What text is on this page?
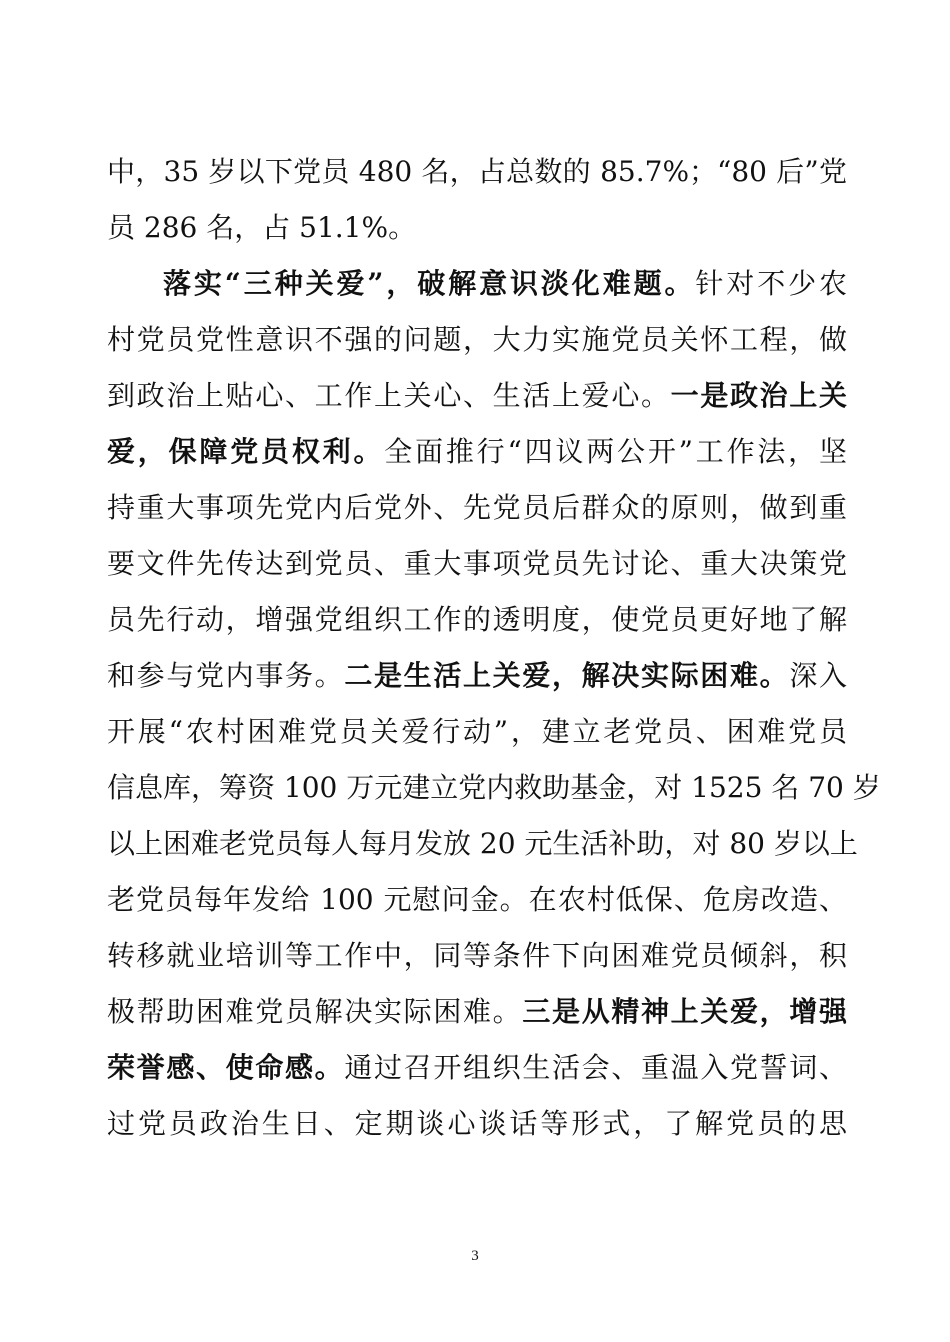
中，35 岁以下党员 480 名，占总数的 85.7%；“80 后”党
员 286 名，占 51.1%。
落实“三种关爱”，破解意识淡化难题。针对不少农
村党员党性意识不强的问题，大力实施党员关怀工程，做
到政治上贴心、工作上关心、生活上爱心。一是政治上关
爱，保障党员权利。全面推行“四议两公开”工作法，坚
持重大事项先党内后党外、先党员后群众的原则，做到重
要文件先传达到党员、重大事项党员先讨论、重大决策党
员先行动，增强党组织工作的透明度，使党员更好地了解
和参与党内事务。二是生活上关爱，解决实际困难。深入
开展“农村困难党员关爱行动”，建立老党员、困难党员
信息库，筹资 100 万元建立党内救助基金，对 1525 名 70 岁
以上困难老党员每人每月发放 20 元生活补助，对 80 岁以上
老党员每年发给 100 元慰问金。在农村低保、危房改造、
转移就业培训等工作中，同等条件下向困难党员倾斜，积
极帮助困难党员解决实际困难。三是从精神上关爱，增强
荣誉感、使命感。通过召开组织生活会、重温入党誓词、
过党员政治生日、定期谈心谈话等形式，了解党员的思
3
